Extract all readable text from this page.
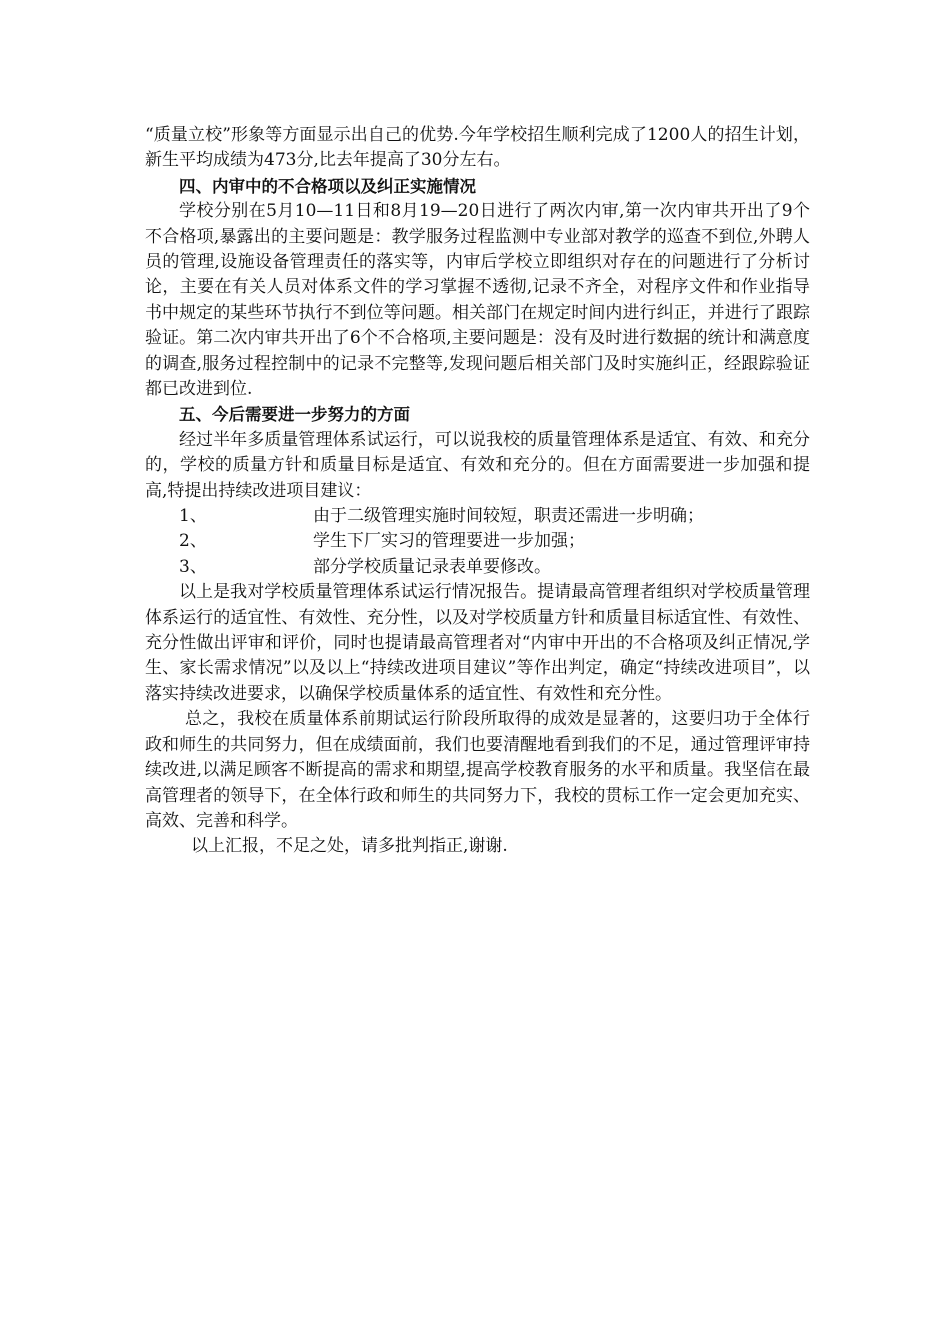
“质量立校”形象等方面显示出自己的优势.今年学校招生顺利完成了1200人的招生计划，新生平均成绩为473分,比去年提高了30分左右。

四、内审中的不合格项以及纠正实施情况

学校分别在5月10—11日和8月19—20日进行了两次内审,第一次内审共开出了9个不合格项,暴露出的主要问题是：教学服务过程监测中专业部对教学的巡查不到位,外聘人员的管理,设施设备管理责任的落实等，内审后学校立即组织对存在的问题进行了分析讨论，主要在有关人员对体系文件的学习掌握不透彻,记录不齐全，对程序文件和作业指导书中规定的某些环节执行不到位等问题。相关部门在规定时间内进行纠正，并进行了跟踪验证。第二次内审共开出了6个不合格项,主要问题是：没有及时进行数据的统计和满意度的调查,服务过程控制中的记录不完整等,发现问题后相关部门及时实施纠正，经跟踪验证都已改进到位.

五、今后需要进一步努力的方面

经过半年多质量管理体系试运行，可以说我校的质量管理体系是适宜、有效、和充分的，学校的质量方针和质量目标是适宜、有效和充分的。但在方面需要进一步加强和提高,特提出持续改进项目建议：

1、	由于二级管理实施时间较短，职责还需进一步明确；
2、	学生下厂实习的管理要进一步加强；
3、	部分学校质量记录表单要修改。

以上是我对学校质量管理体系试运行情况报告。提请最高管理者组织对学校质量管理体系运行的适宜性、有效性、充分性，以及对学校质量方针和质量目标适宜性、有效性、充分性做出评审和评价，同时也提请最高管理者对“内审中开出的不合格项及纠正情况,学生、家长需求情况”以及以上“持续改进项目建议”等作出判定，确定“持续改进项目”，以落实持续改进要求，以确保学校质量体系的适宜性、有效性和充分性。

总之，我校在质量体系前期试运行阶段所取得的成效是显著的，这要归功于全体行政和师生的共同努力，但在成绩面前，我们也要清醒地看到我们的不足，通过管理评审持续改进,以满足顾客不断提高的需求和期望,提高学校教育服务的水平和质量。我坚信在最高管理者的领导下，在全体行政和师生的共同努力下，我校的贯标工作一定会更加充实、高效、完善和科学。

以上汇报，不足之处，请多批判指正,谢谢.
